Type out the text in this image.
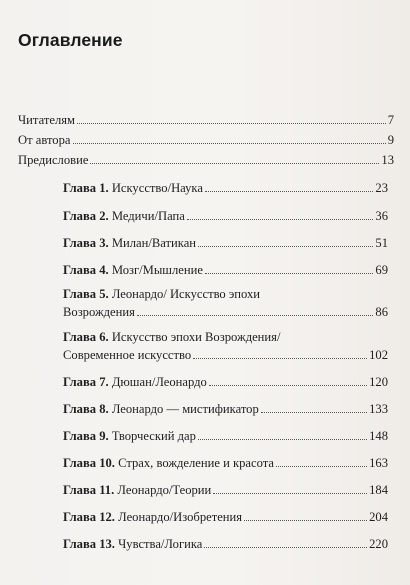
Оглавление
Читателям	7
От автора	9
Предисловие	13
Глава 1. Искусство/Наука	23
Глава 2. Медичи/Папа	36
Глава 3. Милан/Ватикан	51
Глава 4. Мозг/Мышление	69
Глава 5. Леонардо/ Искусство эпохи
Возрождения	86
Глава 6. Искусство эпохи Возрождения/
Современное искусство	102
Глава 7. Дюшан/Леонардо	120
Глава 8. Леонардо — мистификатор	133
Глава 9. Творческий дар	148
Глава 10. Страх, вожделение и красота	163
Глава 11. Леонардо/Теории	184
Глава 12. Леонардо/Изобретения	204
Глава 13. Чувства/Логика	220
